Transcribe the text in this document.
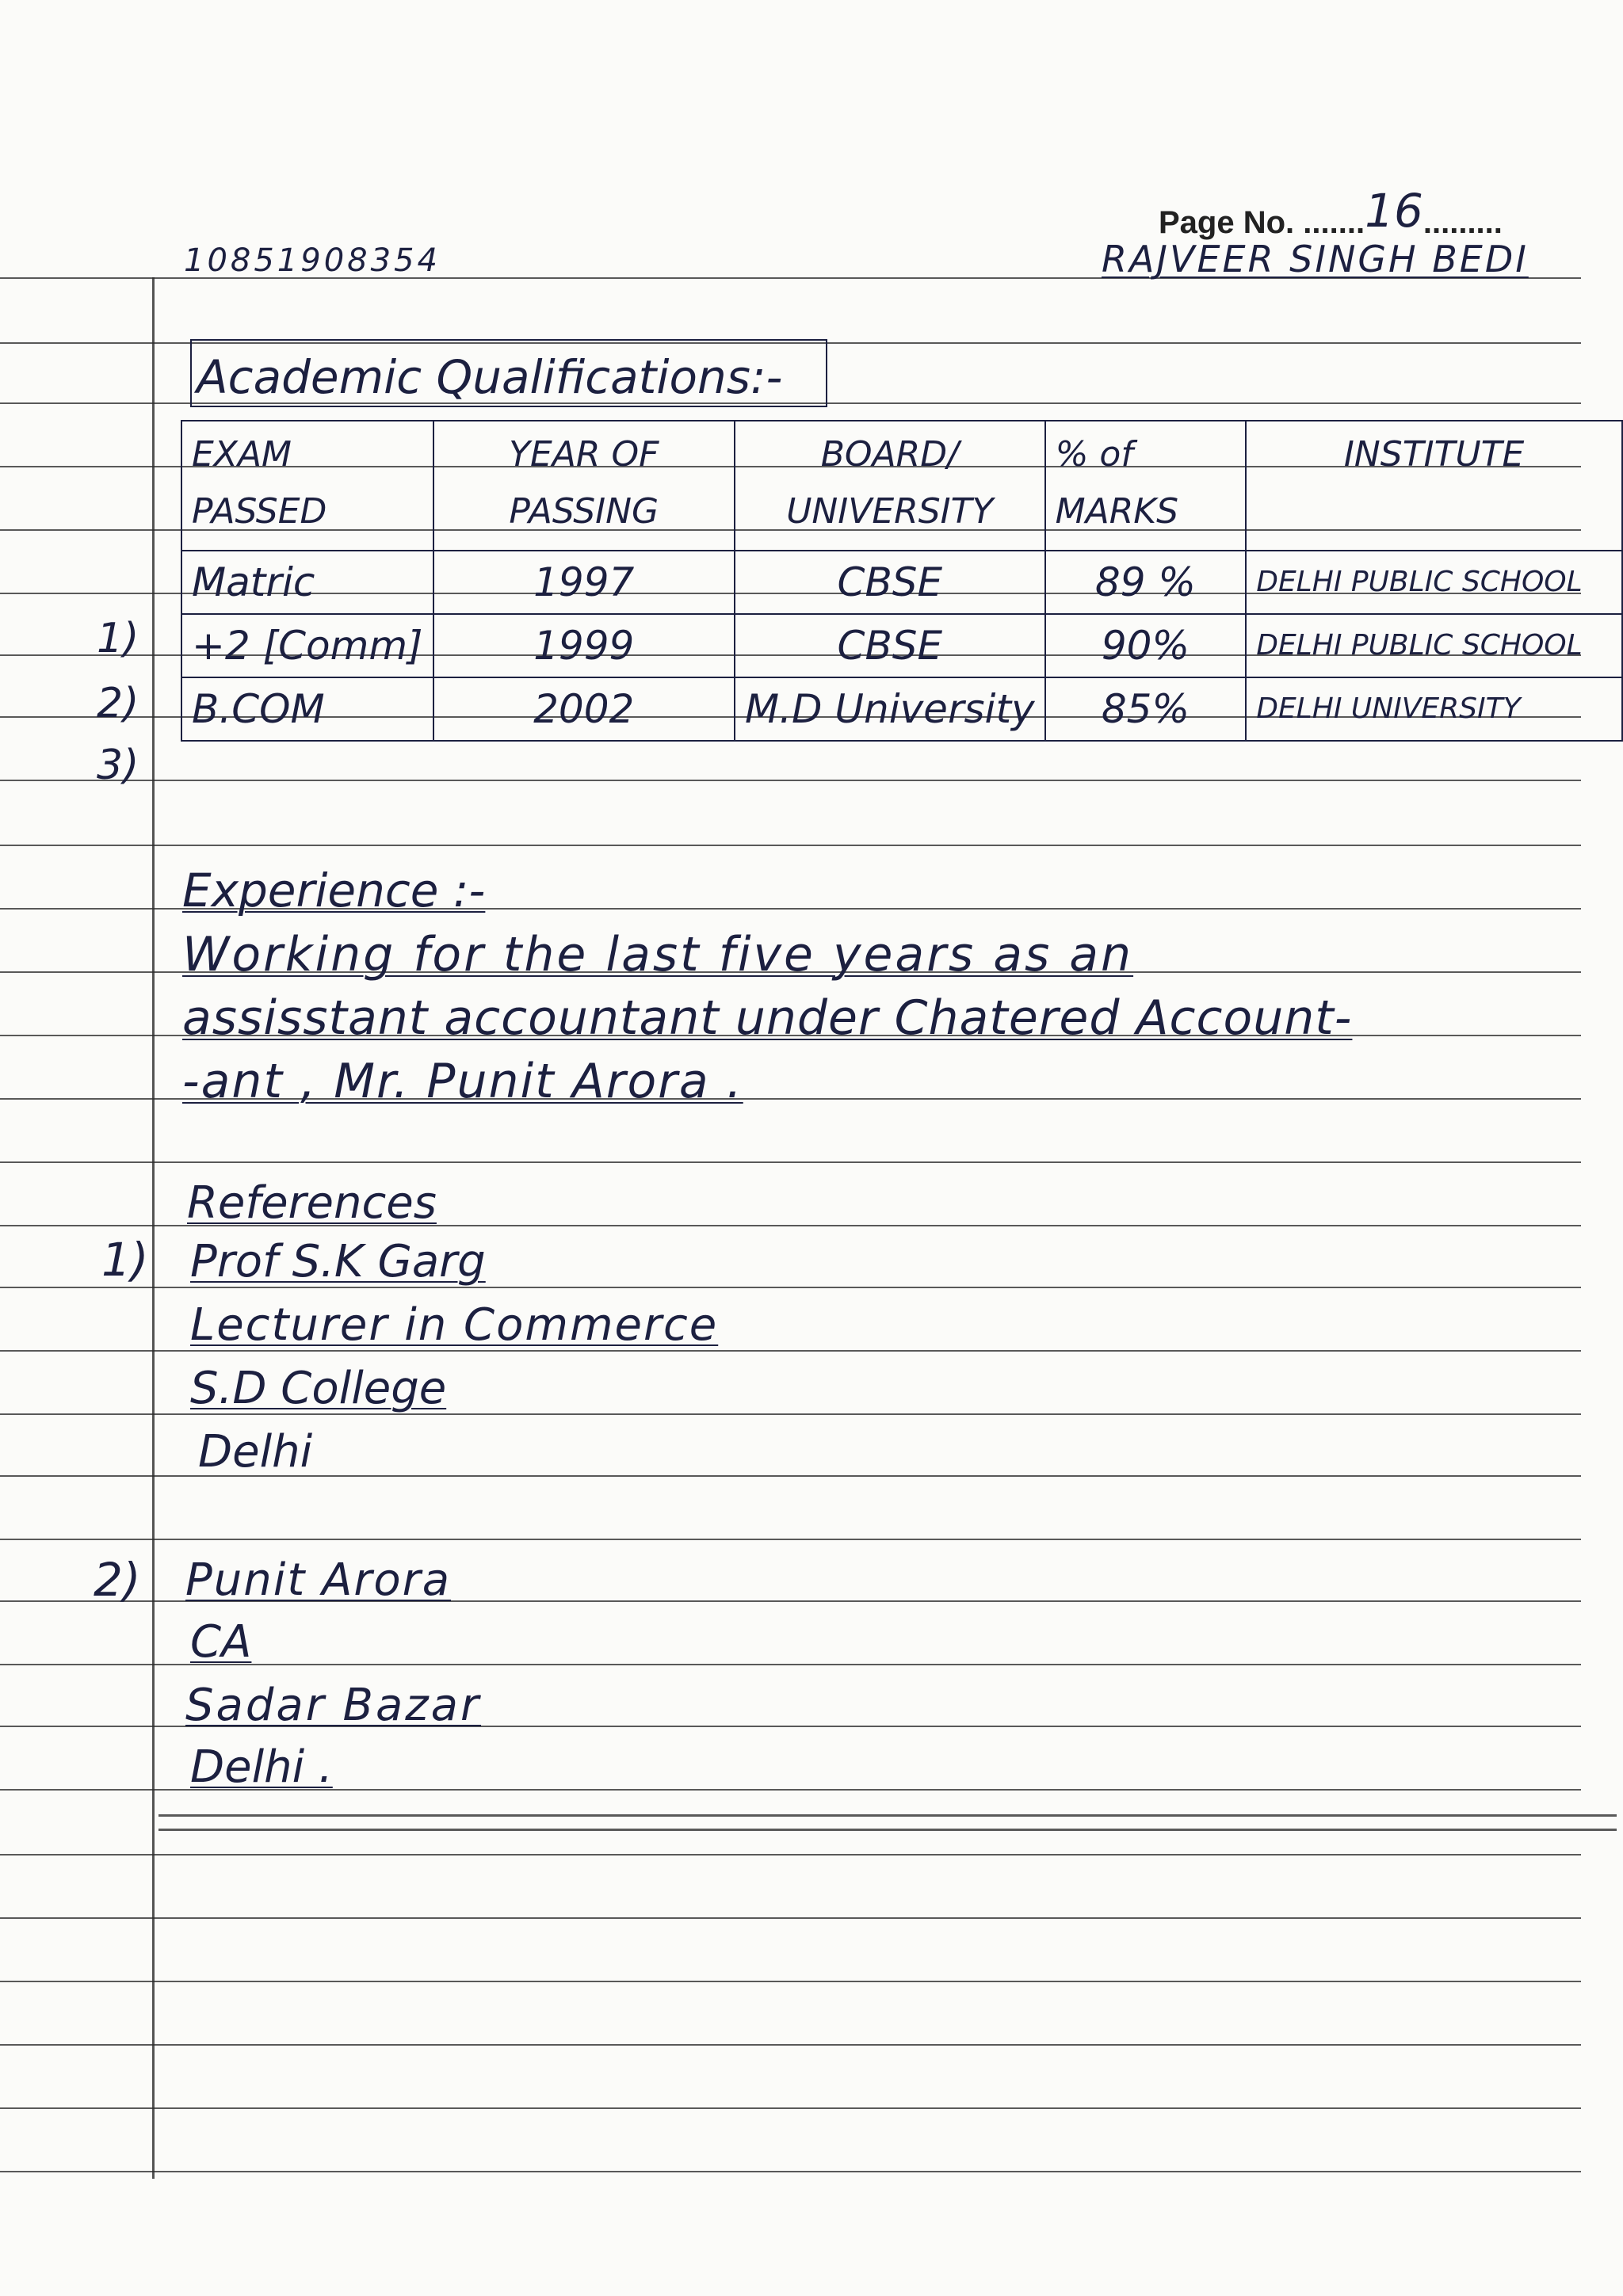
Page No. .......16.........
10851908354	RAJVEER SINGH BEDI
Academic Qualifications:-
EXAM PASSED	YEAR OF PASSING	BOARD/ UNIVERSITY	% of MARKS	INSTITUTE
Matric	1997	CBSE	89 %	DELHI PUBLIC SCHOOL
+2 [Comm]	1999	CBSE	90%	DELHI PUBLIC SCHOOL
B.COM	2002	M.D University	85%	DELHI UNIVERSITY
1)
2)
3)
Experience :-
Working for the last five years as an
assisstant accountant under Chatered Account-
-ant , Mr. Punit Arora .
References
1) Prof S.K Garg
Lecturer in Commerce
S.D College
Delhi
2) Punit Arora
CA
Sadar Bazar
Delhi .
